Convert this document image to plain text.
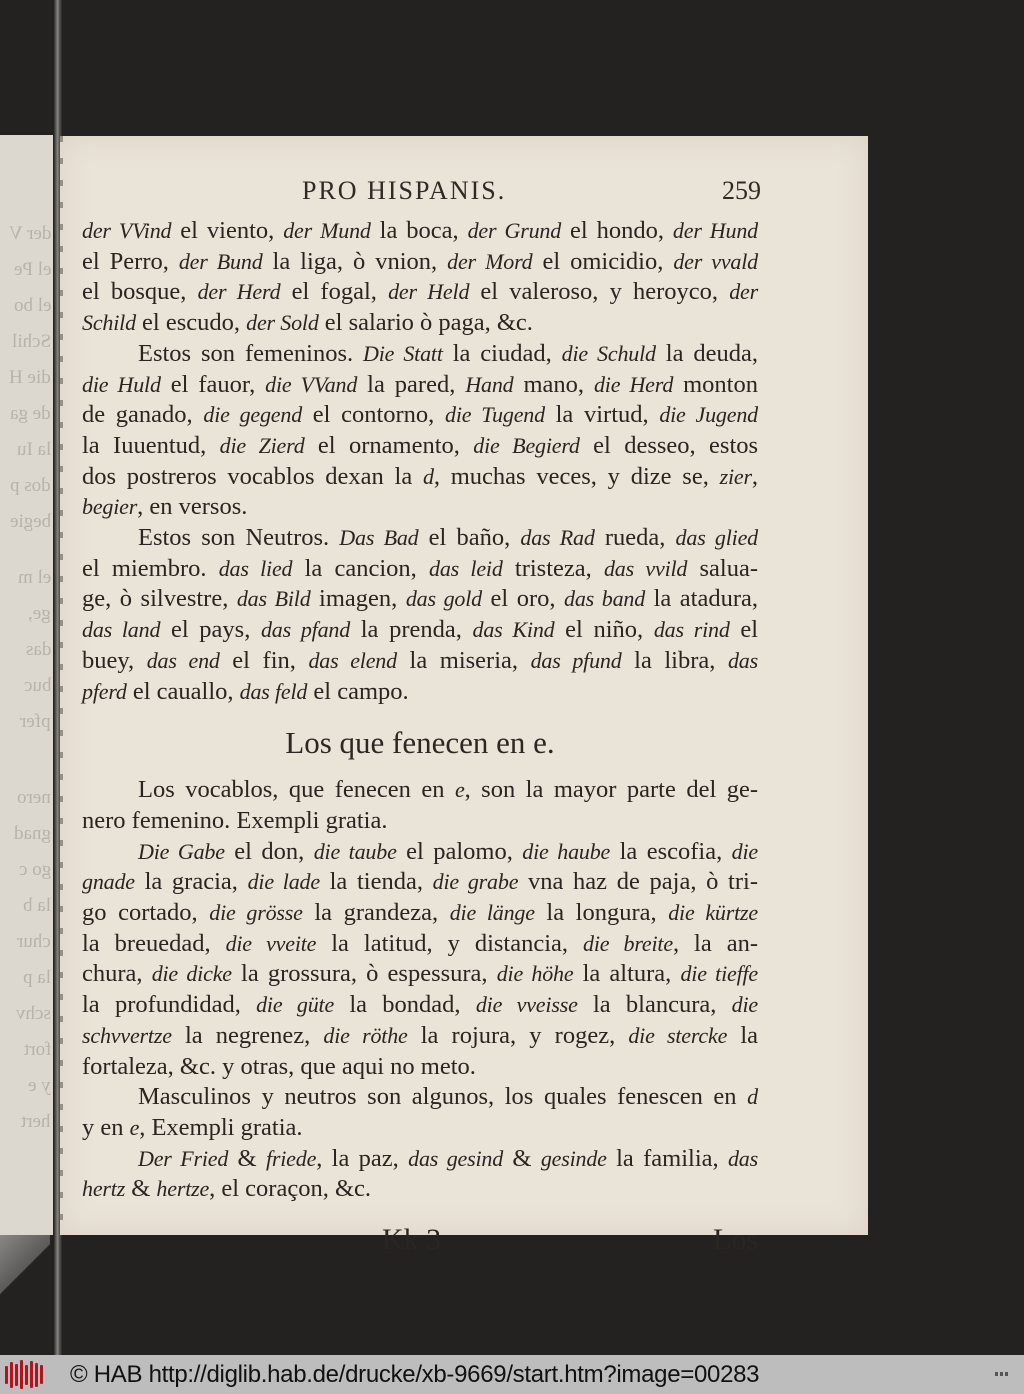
der V
el Pe
el bo
Schil
die H
de ga
la Iu
dos p
begie
el m
ge,
das
buc
pfer
nero
gnad
go c
la b
chur
la p
schv
fort
y e
hert
PRO HISPANIS.	259
der VVind el viento, der Mund la boca, der Grund el hondo, der Hund
el Perro, der Bund la liga, ò vnion, der Mord el omicidio, der vvald
el bosque, der Herd el fogal, der Held el valeroso, y heroyco, der
Schild el escudo, der Sold el salario ò paga, &c.
Estos son femeninos. Die Statt la ciudad, die Schuld la deuda,
die Huld el fauor, die VVand la pared, Hand mano, die Herd monton
de ganado, die gegend el contorno, die Tugend la virtud, die Jugend
la Iuuentud, die Zierd el ornamento, die Begierd el desseo, estos
dos postreros vocablos dexan la d, muchas veces, y dize se, zier,
begier, en versos.
Estos son Neutros. Das Bad el baño, das Rad rueda, das glied
el miembro. das lied la cancion, das leid tristeza, das vvild salua-
ge, ò silvestre, das Bild imagen, das gold el oro, das band la atadura,
das land el pays, das pfand la prenda, das Kind el niño, das rind el
buey, das end el fin, das elend la miseria, das pfund la libra, das
pferd el cauallo, das feld el campo.
Los que fenecen en e.
Los vocablos, que fenecen en e, son la mayor parte del ge-
nero femenino. Exempli gratia.
Die Gabe el don, die taube el palomo, die haube la escofia, die
gnade la gracia, die lade la tienda, die grabe vna haz de paja, ò tri-
go cortado, die grösse la grandeza, die länge la longura, die kürtze
la breuedad, die vveite la latitud, y distancia, die breite, la an-
chura, die dicke la grossura, ò espessura, die höhe la altura, die tieffe
la profundidad, die güte la bondad, die vveisse la blancura, die
schvvertze la negrenez, die röthe la rojura, y rogez, die stercke la
fortaleza, &c. y otras, que aqui no meto.
Masculinos y neutros son algunos, los quales fenescen en d
y en e, Exempli gratia.
Der Fried & friede, la paz, das gesind & gesinde la familia, das
hertz & hertze, el coraçon, &c.
Kk 3	Los
© HAB http://diglib.hab.de/drucke/xb-9669/start.htm?image=00283
